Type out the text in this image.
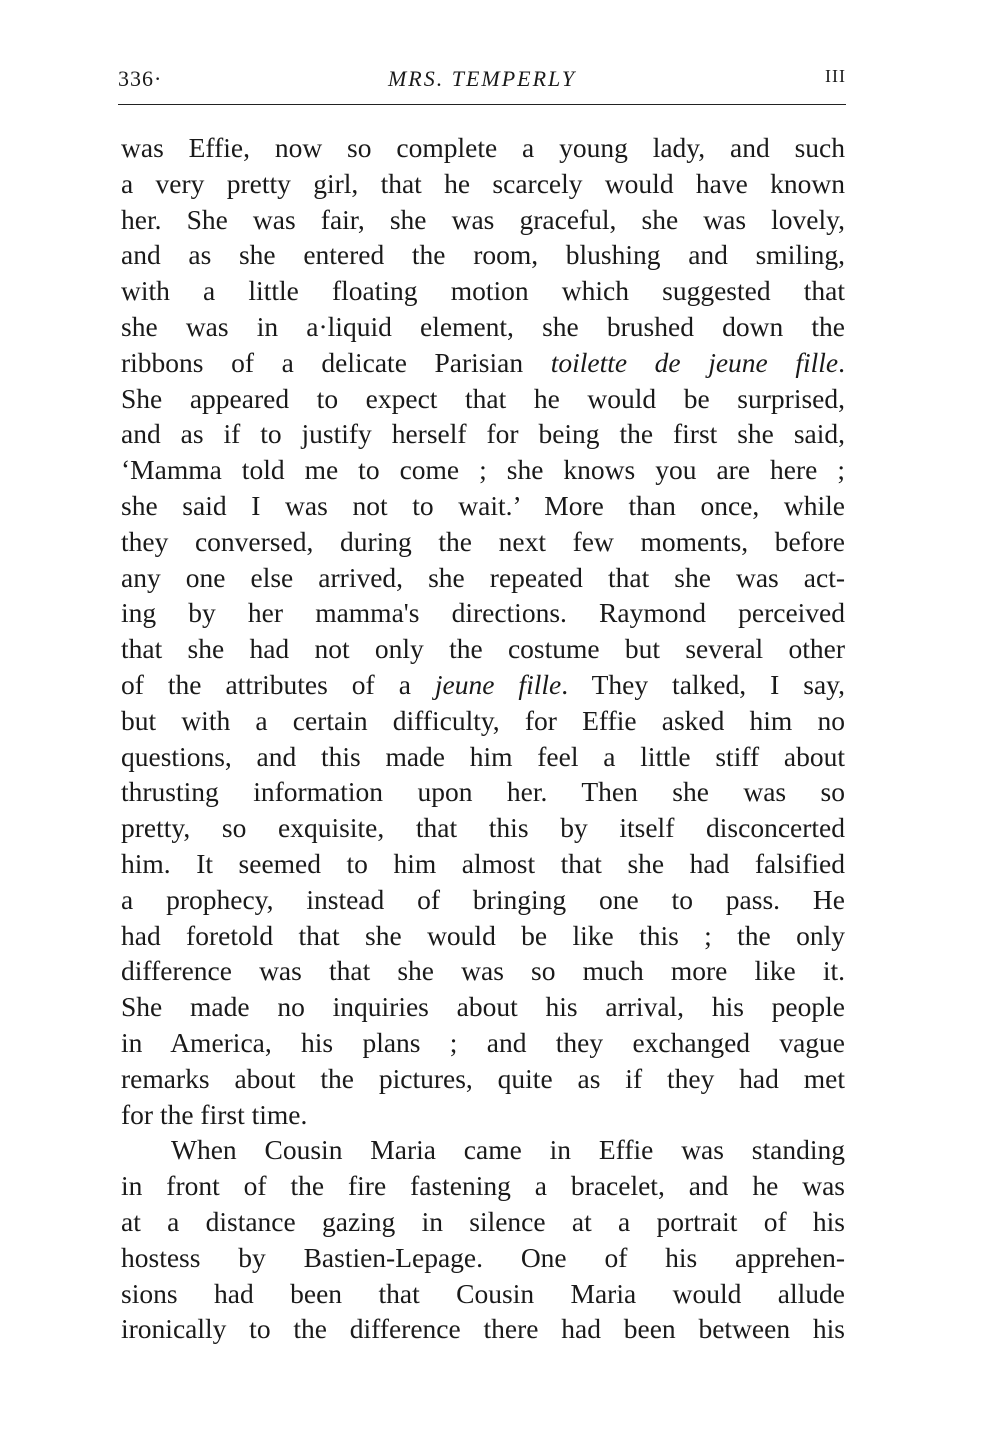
336·	MRS. TEMPERLY	III
was Effie, now so complete a young lady, and such
a very pretty girl, that he scarcely would have known
her. She was fair, she was graceful, she was lovely,
and as she entered the room, blushing and smiling,
with a little floating motion which suggested that
she was in a·liquid element, she brushed down the
ribbons of a delicate Parisian toilette de jeune fille.
She appeared to expect that he would be surprised,
and as if to justify herself for being the first she said,
‘Mamma told me to come ; she knows you are here ;
she said I was not to wait.’ More than once, while
they conversed, during the next few moments, before
any one else arrived, she repeated that she was act-
ing by her mamma's directions. Raymond perceived
that she had not only the costume but several other
of the attributes of a jeune fille. They talked, I say,
but with a certain difficulty, for Effie asked him no
questions, and this made him feel a little stiff about
thrusting information upon her. Then she was so
pretty, so exquisite, that this by itself disconcerted
him. It seemed to him almost that she had falsified
a prophecy, instead of bringing one to pass. He
had foretold that she would be like this ; the only
difference was that she was so much more like it.
She made no inquiries about his arrival, his people
in America, his plans ; and they exchanged vague
remarks about the pictures, quite as if they had met
for the first time.
When Cousin Maria came in Effie was standing
in front of the fire fastening a bracelet, and he was
at a distance gazing in silence at a portrait of his
hostess by Bastien-Lepage. One of his apprehen-
sions had been that Cousin Maria would allude
ironically to the difference there had been between his
